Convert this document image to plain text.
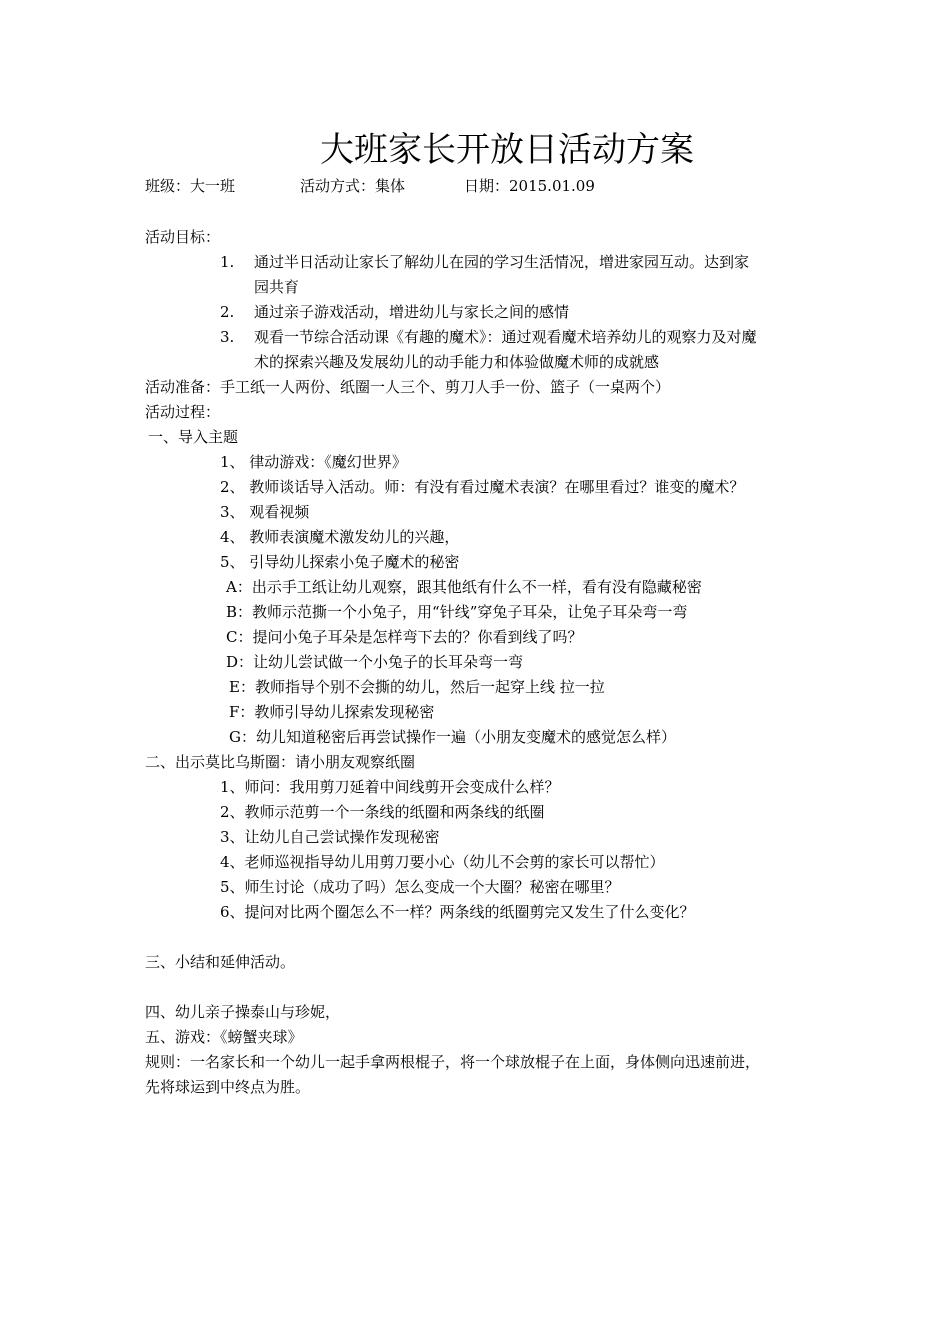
大班家长开放日活动方案
班级：大一班	活动方式：集体	日期：2015.01.09
活动目标：
1. 通过半日活动让家长了解幼儿在园的学习生活情况，增进家园互动。达到家
园共育
2. 通过亲子游戏活动，增进幼儿与家长之间的感情
3. 观看一节综合活动课《有趣的魔术》：通过观看魔术培养幼儿的观察力及对魔
术的探索兴趣及发展幼儿的动手能力和体验做魔术师的成就感
活动准备：手工纸一人两份、纸圈一人三个、剪刀人手一份、篮子（一桌两个）
活动过程：
一、导入主题
1、 律动游戏：《魔幻世界》
2、 教师谈话导入活动。师：有没有看过魔术表演？在哪里看过？谁变的魔术？
3、 观看视频
4、 教师表演魔术激发幼儿的兴趣，
5、 引导幼儿探索小兔子魔术的秘密
A：出示手工纸让幼儿观察，跟其他纸有什么不一样，看有没有隐藏秘密
B：教师示范撕一个小兔子，用“针线”穿兔子耳朵，让兔子耳朵弯一弯
C：提问小兔子耳朵是怎样弯下去的？你看到线了吗？
D：让幼儿尝试做一个小兔子的长耳朵弯一弯
E：教师指导个别不会撕的幼儿，然后一起穿上线 拉一拉
F：教师引导幼儿探索发现秘密
G：幼儿知道秘密后再尝试操作一遍（小朋友变魔术的感觉怎么样）
二、出示莫比乌斯圈：请小朋友观察纸圈
1、师问：我用剪刀延着中间线剪开会变成什么样？
2、教师示范剪一个一条线的纸圈和两条线的纸圈
3、让幼儿自己尝试操作发现秘密
4、老师巡视指导幼儿用剪刀要小心（幼儿不会剪的家长可以帮忙）
5、师生讨论（成功了吗）怎么变成一个大圈？秘密在哪里？
6、提问对比两个圈怎么不一样？两条线的纸圈剪完又发生了什么变化？
三、小结和延伸活动。
四、幼儿亲子操泰山与珍妮，
五、游戏：《螃蟹夹球》
规则：一名家长和一个幼儿一起手拿两根棍子，将一个球放棍子在上面，身体侧向迅速前进，
先将球运到中终点为胜。
